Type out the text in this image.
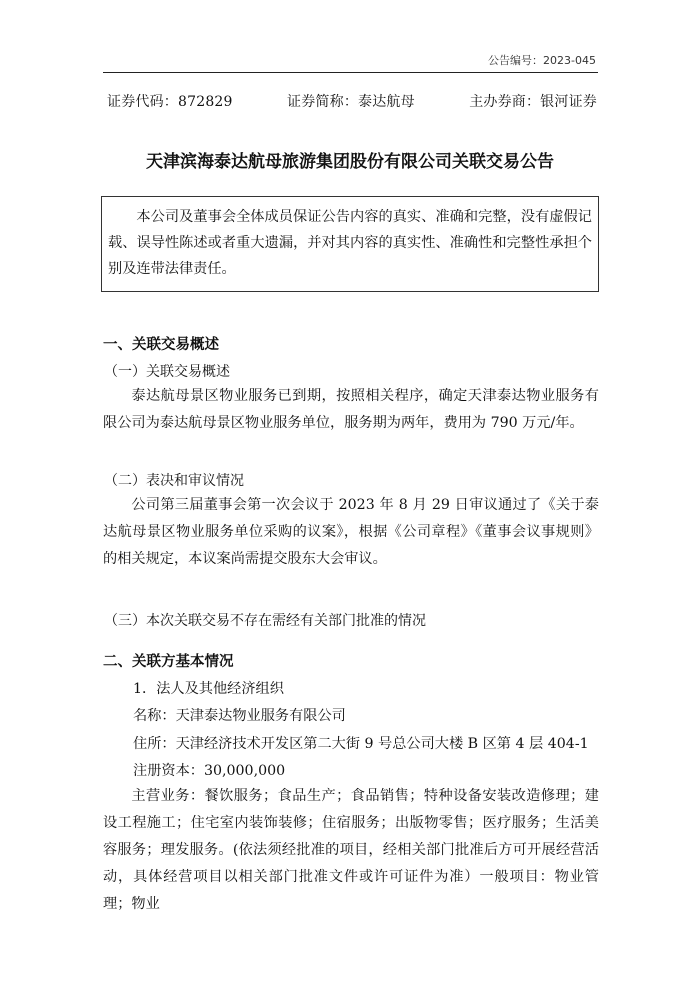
公告编号：2023-045
证券代码：872829	证券简称：泰达航母	主办券商：银河证券
天津滨海泰达航母旅游集团股份有限公司关联交易公告
本公司及董事会全体成员保证公告内容的真实、准确和完整，没有虚假记载、误导性陈述或者重大遗漏，并对其内容的真实性、准确性和完整性承担个别及连带法律责任。
一、关联交易概述
（一）关联交易概述
泰达航母景区物业服务已到期，按照相关程序，确定天津泰达物业服务有限公司为泰达航母景区物业服务单位，服务期为两年，费用为 790 万元/年。
（二）表决和审议情况
公司第三届董事会第一次会议于 2023 年 8 月 29 日审议通过了《关于泰达航母景区物业服务单位采购的议案》，根据《公司章程》《董事会议事规则》的相关规定，本议案尚需提交股东大会审议。
（三）本次关联交易不存在需经有关部门批准的情况
二、关联方基本情况
1．法人及其他经济组织
名称：天津泰达物业服务有限公司
住所：天津经济技术开发区第二大街 9 号总公司大楼 B 区第 4 层 404-1
注册资本：30,000,000
主营业务：餐饮服务；食品生产；食品销售；特种设备安装改造修理；建设工程施工；住宅室内装饰装修；住宿服务；出版物零售；医疗服务；生活美容服务；理发服务。(依法须经批准的项目，经相关部门批准后方可开展经营活动，具体经营项目以相关部门批准文件或许可证件为准）一般项目：物业管理；物业
